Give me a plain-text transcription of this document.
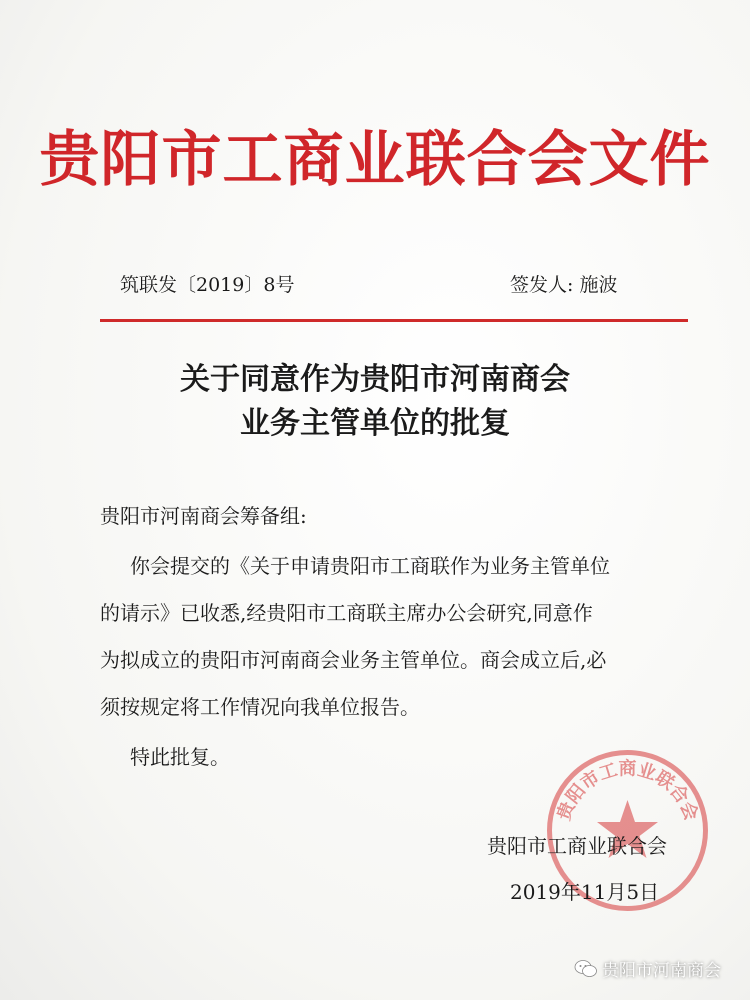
贵阳市工商业联合会文件
筑联发〔2019〕8号	签发人: 施波
关于同意作为贵阳市河南商会
业务主管单位的批复
贵阳市河南商会筹备组:
你会提交的《关于申请贵阳市工商联作为业务主管单位
的请示》已收悉,经贵阳市工商联主席办公会研究,同意作
为拟成立的贵阳市河南商会业务主管单位。商会成立后,必
须按规定将工作情况向我单位报告。
特此批复。
贵阳市工商业联合会
贵阳市工商业联合会
2019年11月5日
贵阳市河南商会
